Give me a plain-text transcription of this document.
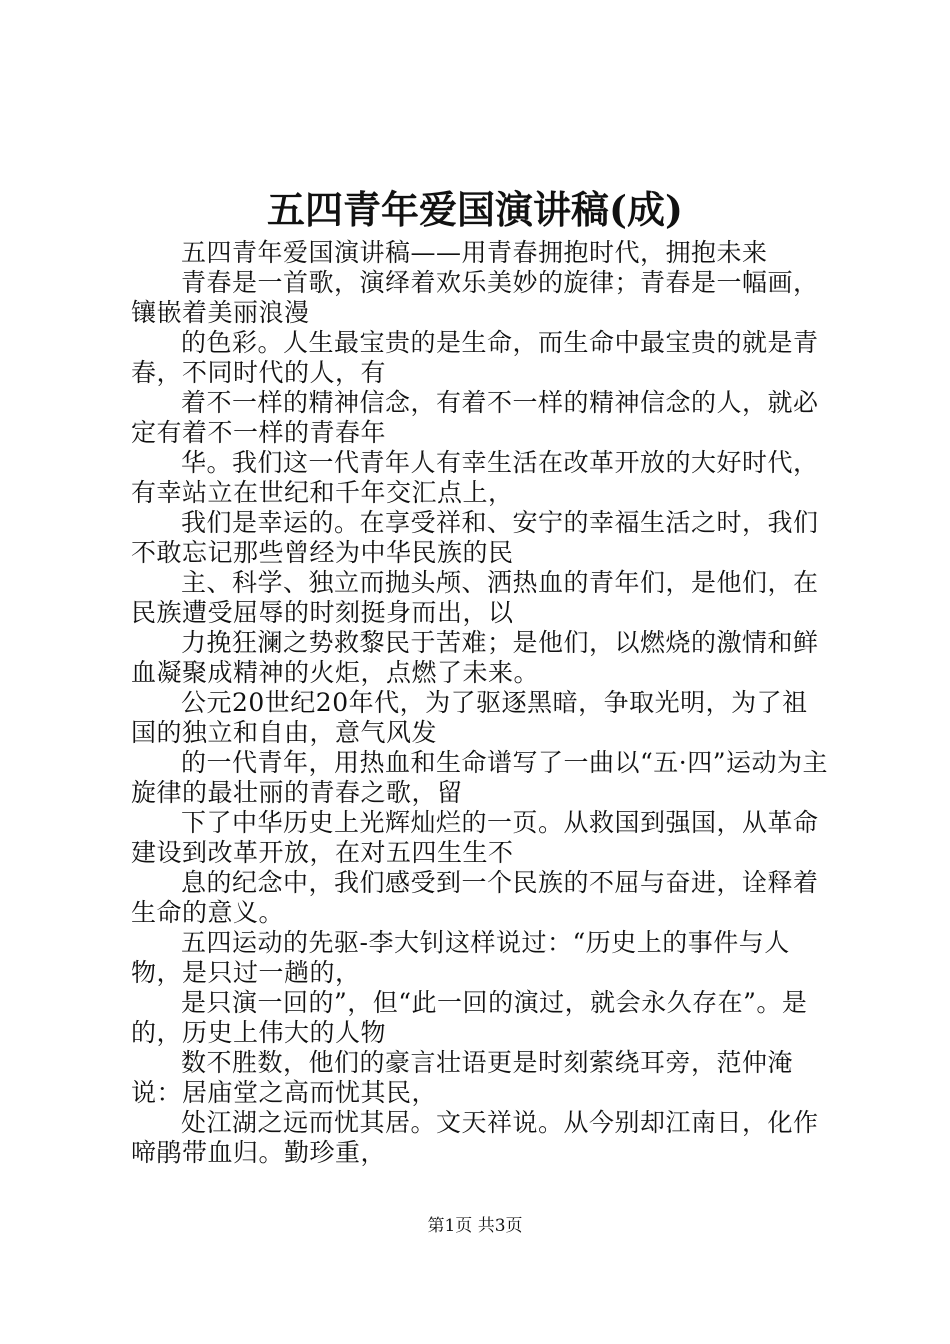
五四青年爱国演讲稿(成)

五四青年爱国演讲稿——用青春拥抱时代，拥抱未来

青春是一首歌，演绎着欢乐美妙的旋律；青春是一幅画，镶嵌着美丽浪漫

的色彩。人生最宝贵的是生命，而生命中最宝贵的就是青春，不同时代的人，有

着不一样的精神信念，有着不一样的精神信念的人，就必定有着不一样的青春年

华。我们这一代青年人有幸生活在改革开放的大好时代，有幸站立在世纪和千年交汇点上，

我们是幸运的。在享受祥和、安宁的幸福生活之时，我们不敢忘记那些曾经为中华民族的民

主、科学、独立而抛头颅、洒热血的青年们，是他们，在民族遭受屈辱的时刻挺身而出，以

力挽狂澜之势救黎民于苦难；是他们，以燃烧的激情和鲜血凝聚成精神的火炬，点燃了未来。

公元20世纪20年代，为了驱逐黑暗，争取光明，为了祖国的独立和自由，意气风发

的一代青年，用热血和生命谱写了一曲以“五·四”运动为主旋律的最壮丽的青春之歌，留

下了中华历史上光辉灿烂的一页。从救国到强国，从革命建设到改革开放，在对五四生生不

息的纪念中，我们感受到一个民族的不屈与奋进，诠释着生命的意义。

五四运动的先驱-李大钊这样说过：“历史上的事件与人物，是只过一趟的，

是只演一回的”，但“此一回的演过，就会永久存在”。是的，历史上伟大的人物

数不胜数，他们的豪言壮语更是时刻萦绕耳旁，范仲淹说：居庙堂之高而忧其民，

处江湖之远而忧其居。文天祥说。从今别却江南日，化作啼鹃带血归。勤珍重，

第1页 共3页
